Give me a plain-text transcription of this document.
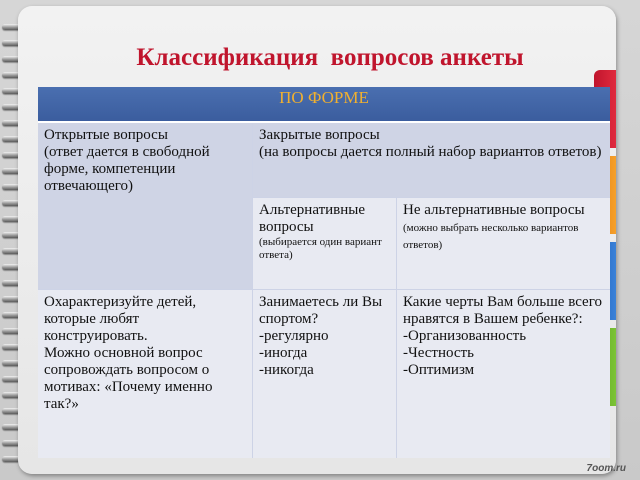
Классификация  вопросов анкеты
ПО ФОРМЕ
Открытые вопросы
(ответ дается в свободной форме, компетенции отвечающего)
Закрытые вопросы
(на вопросы дается полный набор вариантов ответов)
Альтернативные вопросы
(выбирается один вариант ответа)
Не альтернативные вопросы (можно выбрать несколько вариантов ответов)
Охарактеризуйте детей, которые любят конструировать.
Можно основной вопрос сопровождать вопросом о мотивах: «Почему именно так?»
Занимаетесь ли Вы спортом?
-регулярно
-иногда
-никогда
Какие черты Вам больше всего нравятся в Вашем ребенке?:
-Организованность
-Честность
-Оптимизм
7oom.ru
